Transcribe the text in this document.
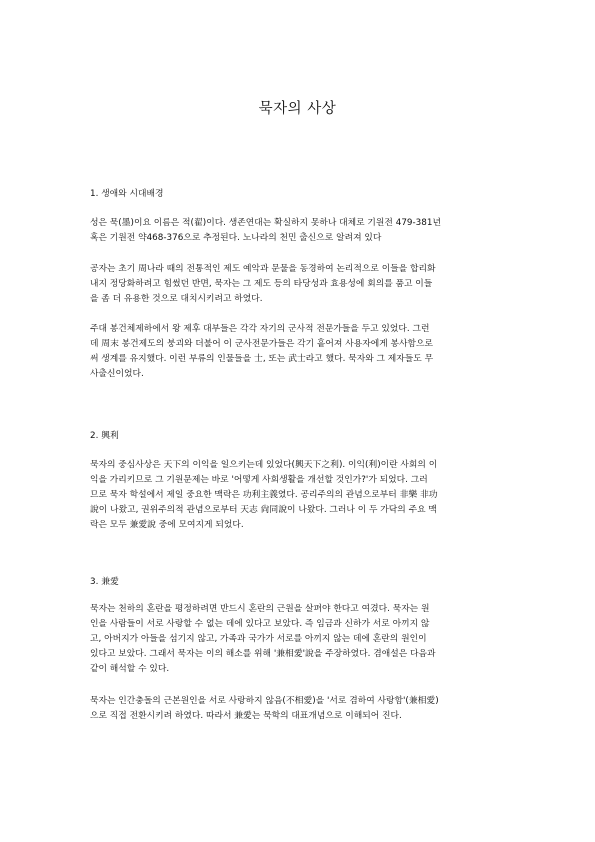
묵자의 사상
1. 생애와 시대배경
성은 묵(墨)이요 이름은 적(翟)이다. 생존연대는 확실하지 못하나 대체로 기원전 479-381년
혹은 기원전 약468-376으로 추정된다. 노나라의 천민 출신으로 알려져 있다
공자는 초기 周나라 때의 전통적인 제도 예악과 문물을 동경하여 논리적으로 이들을 합리화
내지 정당화하려고 힘썼던 반면, 묵자는 그 제도 등의 타당성과 효용성에 회의를 품고 이들
을 좀 더 유용한 것으로 대치시키려고 하였다.
주대 봉건체제하에서 왕 제후 대부들은 각각 자기의 군사적 전문가들을 두고 있었다. 그런
데 周末 봉건제도의 붕괴와 더불어 이 군사전문가들은 각기 흩어져 사용자에게 봉사함으로
써 생계를 유지했다. 이런 부류의 인물들을 士, 또는 武士라고 했다. 묵자와 그 제자들도 무
사출신이었다.
2. 興利
묵자의 중심사상은 天下의 이익을 일으키는데 있었다(興天下之利). 이익(利)이란 사회의 이
익을 가리키므로 그 기원문제는 바로 '어떻게 사회생활을 개선할 것인가?'가 되었다. 그러
므로 묵자 학설에서 제일 중요한 맥락은 功利主義였다. 공리주의의 관념으로부터 非樂 非功
說이 나왔고, 권위주의적 관념으로부터 天志 尙同說이 나왔다. 그러나 이 두 가닥의 주요 맥
락은 모두 兼愛說 중에 모여지게 되었다.
3. 兼愛
묵자는 천하의 혼란을 평정하려면 반드시 혼란의 근원을 살펴야 한다고 여겼다. 묵자는 원
인을 사람들이 서로 사랑할 수 없는 데에 있다고 보았다. 즉 임금과 신하가 서로 아끼지 않
고, 아버지가 아들을 섬기지 않고, 가족과 국가가 서로를 아끼지 않는 데에 혼란의 원인이
있다고 보았다. 그래서 묵자는 이의 해소를 위해 '兼相愛'說을 주장하였다. 겸애설은 다음과
같이 해석할 수 있다.
묵자는 인간충돌의 근본원인을 서로 사랑하지 않음(不相愛)을 '서로 겸하여 사랑함'(兼相愛)
으로 직접 전환시키려 하였다. 따라서 兼愛는 묵학의 대표개념으로 이해되어 진다.
